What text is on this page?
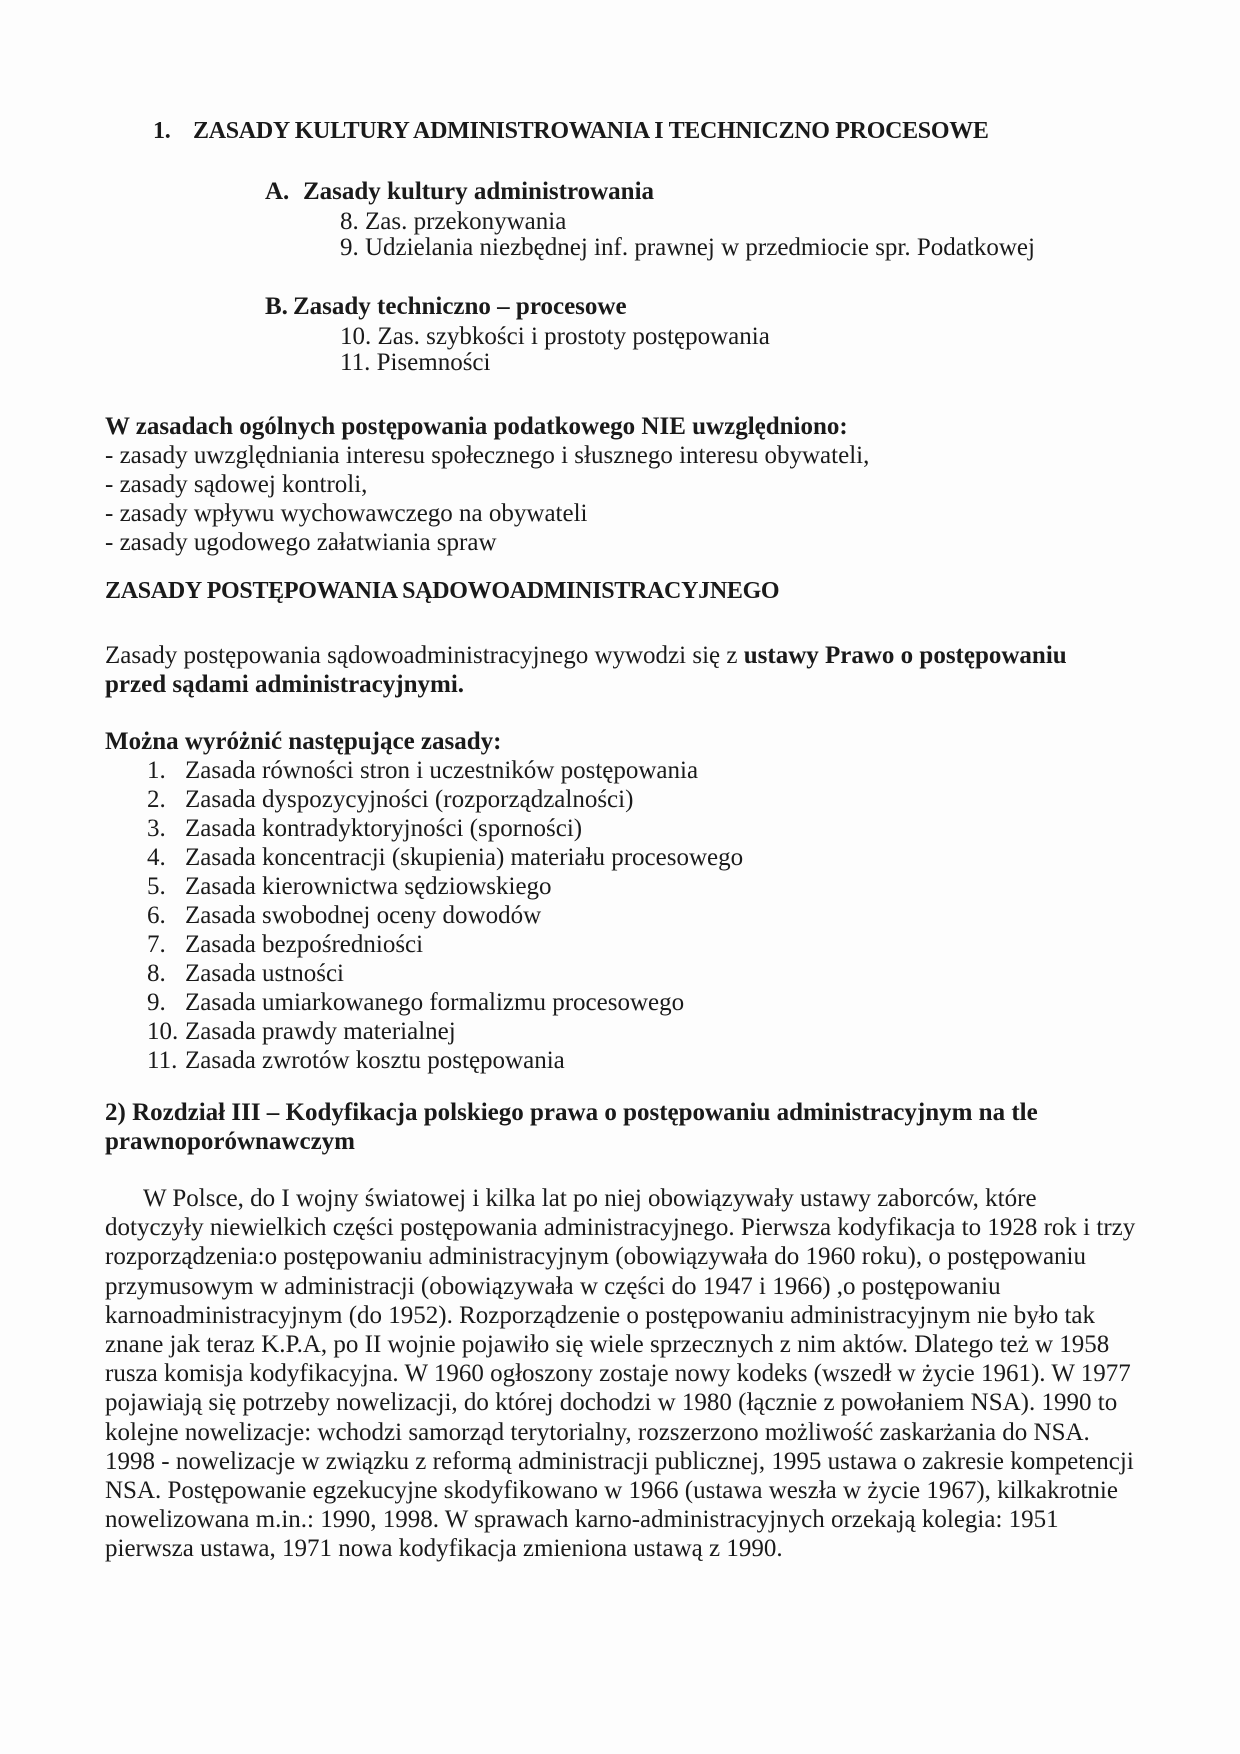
1. ZASADY KULTURY ADMINISTROWANIA I TECHNICZNO PROCESOWE
A. Zasady kultury administrowania
8. Zas. przekonywania
9. Udzielania niezbędnej inf. prawnej w przedmiocie spr. Podatkowej
B. Zasady techniczno – procesowe
10. Zas. szybkości i prostoty postępowania
11. Pisemności
W zasadach ogólnych postępowania podatkowego NIE uwzględniono:
- zasady uwzględniania interesu społecznego i słusznego interesu obywateli,
- zasady sądowej kontroli,
- zasady wpływu wychowawczego na obywateli
- zasady ugodowego załatwiania spraw
ZASADY POSTĘPOWANIA SĄDOWOADMINISTRACYJNEGO
Zasady postępowania sądowoadministracyjnego wywodzi się z ustawy Prawo o postępowaniu przed sądami administracyjnymi.
Można wyróżnić następujące zasady:
1. Zasada równości stron i uczestników postępowania
2. Zasada dyspozycyjności (rozporządzalności)
3. Zasada kontradyktoryjności (sporności)
4. Zasada koncentracji (skupienia) materiału procesowego
5. Zasada kierownictwa sędziowskiego
6. Zasada swobodnej oceny dowodów
7. Zasada bezpośredniości
8. Zasada ustności
9. Zasada umiarkowanego formalizmu procesowego
10. Zasada prawdy materialnej
11. Zasada zwrotów kosztu postępowania
2) Rozdział III – Kodyfikacja polskiego prawa o postępowaniu administracyjnym na tle
prawnoporównawczym
W Polsce, do I wojny światowej i kilka lat po niej obowiązywały ustawy zaborców, które dotyczyły niewielkich części postępowania administracyjnego. Pierwsza kodyfikacja to 1928 rok i trzy rozporządzenia:o postępowaniu administracyjnym (obowiązywała do 1960 roku), o postępowaniu przymusowym w administracji (obowiązywała w części do 1947 i 1966) ,o postępowaniu karnoadministracyjnym (do 1952). Rozporządzenie o postępowaniu administracyjnym nie było tak znane jak teraz K.P.A, po II wojnie pojawiło się wiele sprzecznych z nim aktów. Dlatego też w 1958 rusza komisja kodyfikacyjna. W 1960 ogłoszony zostaje nowy kodeks (wszedł w życie 1961). W 1977 pojawiają się potrzeby nowelizacji, do której dochodzi w 1980 (łącznie z powołaniem NSA). 1990 to kolejne nowelizacje: wchodzi samorząd terytorialny, rozszerzono możliwość zaskarżania do NSA. 1998 - nowelizacje w związku z reformą administracji publicznej, 1995 ustawa o zakresie kompetencji NSA. Postępowanie egzekucyjne skodyfikowano w 1966 (ustawa weszła w życie 1967), kilkakrotnie nowelizowana m.in.: 1990, 1998. W sprawach karno-administracyjnych orzekają kolegia: 1951 pierwsza ustawa, 1971 nowa kodyfikacja zmieniona ustawą z 1990.
